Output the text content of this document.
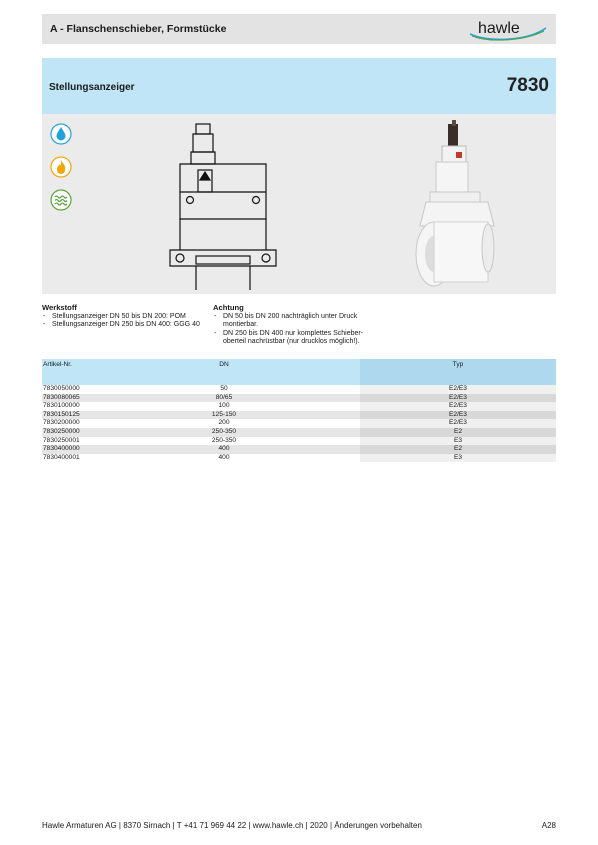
A - Flanschenschieber, Formstücke	hawle
Stellungsanzeiger	7830
Werkstoff
- Stellungsanzeiger DN 50 bis DN 200: POM
- Stellungsanzeiger DN 250 bis DN 400: GGG 40
Achtung
- DN 50 bis DN 200 nachträglich unter Druck montierbar.
- DN 250 bis DN 400 nur komplettes Schieber-oberteil nachrüstbar (nur drucklos möglich!).
Artikel-Nr.	DN	Typ
7830050000	50	E2/E3
7830080065	80/65	E2/E3
7830100000	100	E2/E3
7830150125	125-150	E2/E3
7830200000	200	E2/E3
7830250000	250-350	E2
7830250001	250-350	E3
7830400000	400	E2
7830400001	400	E3
Hawle Armaturen AG | 8370 Sirnach | T +41 71 969 44 22 | www.hawle.ch | 2020 | Änderungen vorbehalten	A28
